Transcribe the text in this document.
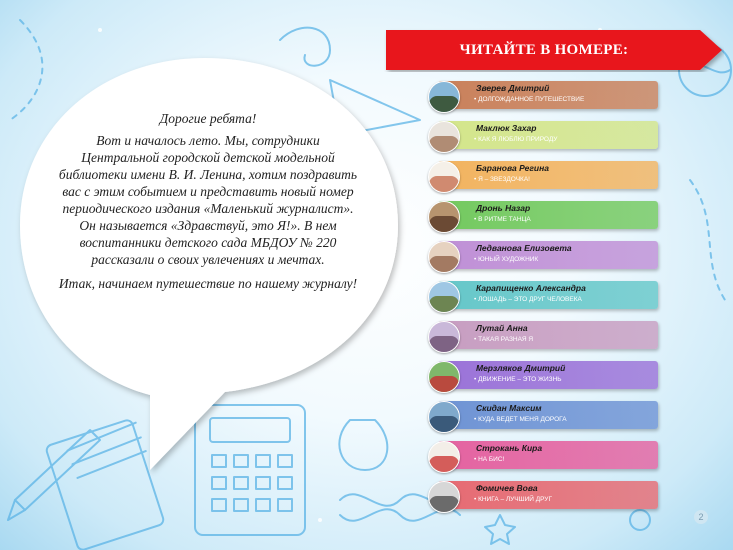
Дорогие ребята!

Вот и началось лето. Мы, сотрудники Центральной городской детской модельной библиотеки имени В. И. Ленина, хотим поздравить вас с этим событием и представить новый номер периодического издания «Маленький журналист». Он называется «Здравствуй, это Я!». В нем воспитанники детского сада МБДОУ № 220 рассказали о своих увлечениях и мечтах.

Итак, начинаем путешествие по нашему журналу!

ЧИТАЙТЕ В НОМЕРЕ:
Зверев Дмитрий
• ДОЛГОЖДАННОЕ ПУТЕШЕСТВИЕ
Маклюк Захар
• КАК Я ЛЮБЛЮ ПРИРОДУ
Баранова Регина
• Я – ЗВЕЗДОЧКА!
Дронь Назар
• В РИТМЕ ТАНЦА
Ледванова Елизовета
• ЮНЫЙ ХУДОЖНИК
Карапищенко Александра
• ЛОШАДЬ – ЭТО ДРУГ ЧЕЛОВЕКА
Лутай Анна
• ТАКАЯ РАЗНАЯ Я
Мерзляков Дмитрий
• ДВИЖЕНИЕ – ЭТО ЖИЗНЬ
Скидан Максим
• КУДА ВЕДЕТ МЕНЯ ДОРОГА
Строкань Кира
• НА БИС!
Фомичев Вова
• КНИГА – ЛУЧШИЙ ДРУГ
2
